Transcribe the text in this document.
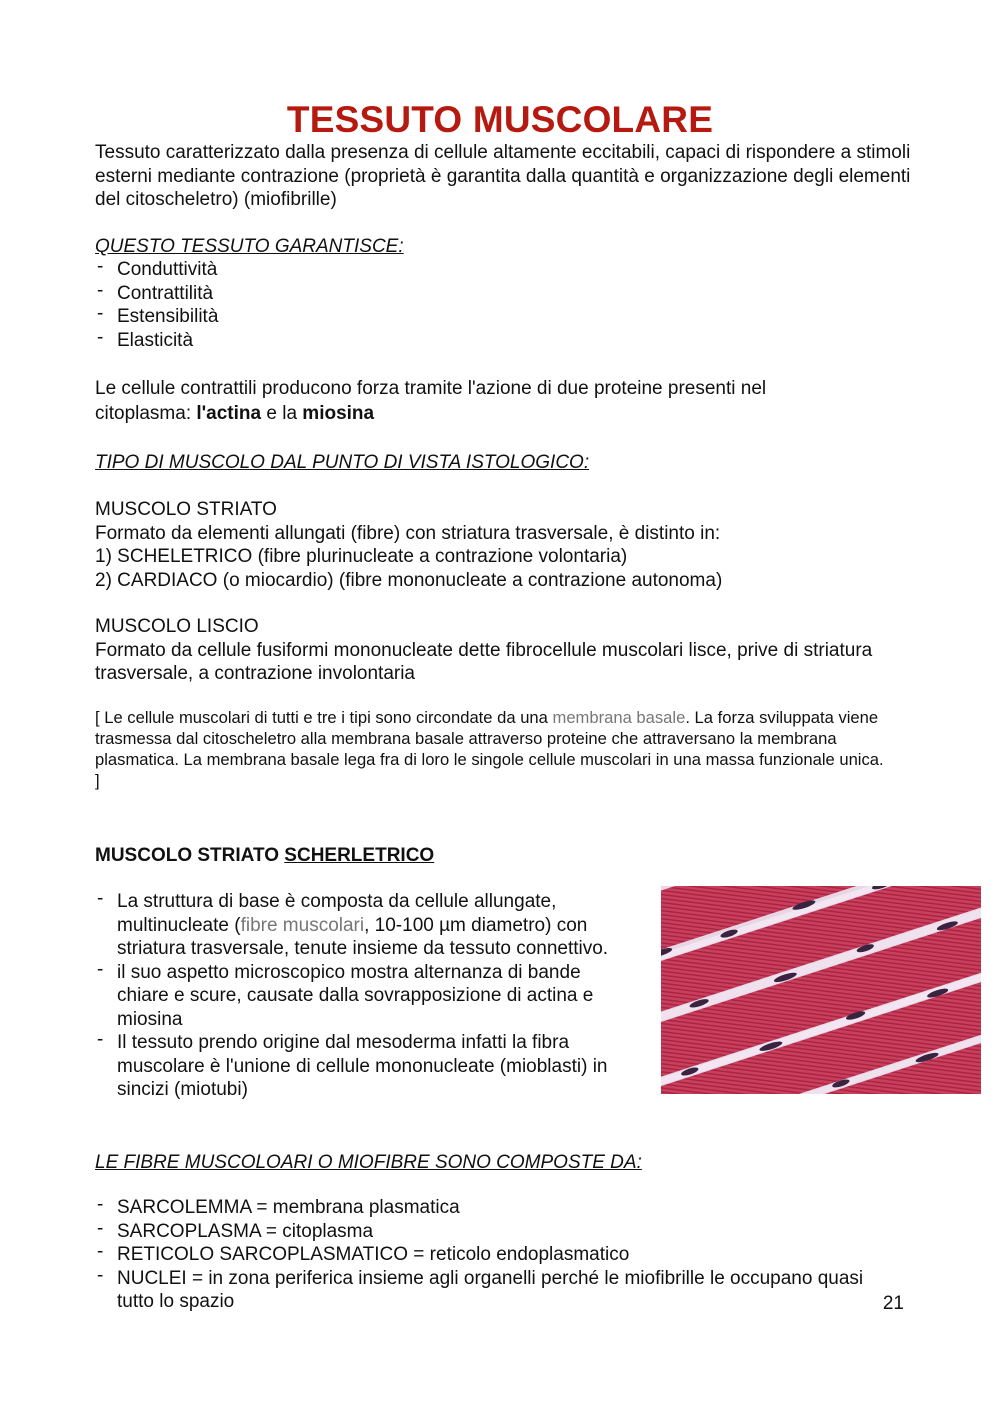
TESSUTO MUSCOLARE

Tessuto caratterizzato dalla presenza di cellule altamente eccitabili, capaci di rispondere a stimoli esterni mediante contrazione (proprietà è garantita dalla quantità e organizzazione degli elementi del citoscheletro) (miofibrille)

QUESTO TESSUTO GARANTISCE:

- Conduttività
- Contrattilità
- Estensibilità
- Elasticità

Le cellule contrattili producono forza tramite l'azione di due proteine presenti nel citoplasma: l'actina e la miosina

TIPO DI MUSCOLO DAL PUNTO DI VISTA ISTOLOGICO:

MUSCOLO STRIATO
Formato da elementi allungati (fibre) con striatura trasversale, è distinto in:
1) SCHELETRICO (fibre plurinucleate a contrazione volontaria)
2) CARDIACO (o miocardio) (fibre mononucleate a contrazione autonoma)
MUSCOLO LISCIO
Formato da cellule fusiformi mononucleate dette fibrocellule muscolari lisce, prive di striatura trasversale, a contrazione involontaria

[ Le cellule muscolari di tutti e tre i tipi sono circondate da una membrana basale. La forza sviluppata viene trasmessa dal citoscheletro alla membrana basale attraverso proteine che attraversano la membrana plasmatica. La membrana basale lega fra di loro le singole cellule muscolari in una massa funzionale unica. ]

MUSCOLO STRIATO SCHERLETRICO

- La struttura di base è composta da cellule allungate, multinucleate (fibre muscolari, 10-100 µm diametro) con striatura trasversale, tenute insieme da tessuto connettivo.
- il suo aspetto microscopico mostra alternanza di bande chiare e scure, causate dalla sovrapposizione di actina e miosina
- Il tessuto prendo origine dal mesoderma infatti la fibra muscolare è l'unione di cellule mononucleate (mioblasti) in sincizi (miotubi)

LE FIBRE MUSCOLOARI O MIOFIBRE SONO COMPOSTE DA:

- SARCOLEMMA = membrana plasmatica
- SARCOPLASMA = citoplasma
- RETICOLO SARCOPLASMATICO = reticolo endoplasmatico
- NUCLEI = in zona periferica insieme agli organelli perché le miofibrille le occupano quasi tutto lo spazio	21
